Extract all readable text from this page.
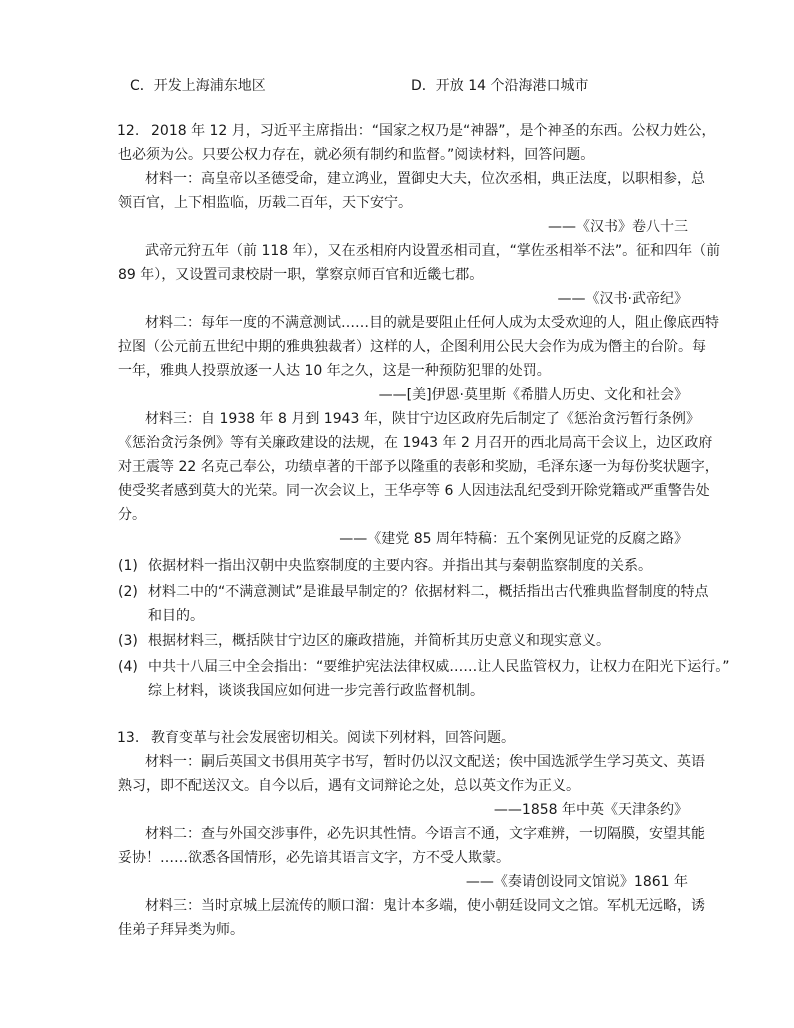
C．开发上海浦东地区	D．开放 14 个沿海港口城市
12. 2018 年 12 月，习近平主席指出：“国家之权乃是“神器”，是个神圣的东西。公权力姓公，
也必须为公。只要公权力存在，就必须有制约和监督。”阅读材料，回答问题。
材料一：高皇帝以圣德受命，建立鸿业，置御史大夫，位次丞相，典正法度，以职相参，总
领百官，上下相监临，历载二百年，天下安宁。
——《汉书》卷八十三
武帝元狩五年（前 118 年），又在丞相府内设置丞相司直，“掌佐丞相举不法”。征和四年（前
89 年），又设置司隶校尉一职，掌察京师百官和近畿七郡。
——《汉书·武帝纪》
材料二：每年一度的不满意测试……目的就是要阻止任何人成为太受欢迎的人，阻止像底西特
拉图（公元前五世纪中期的雅典独裁者）这样的人，企图利用公民大会作为成为僭主的台阶。每
一年，雅典人投票放逐一人达 10 年之久，这是一种预防犯罪的处罚。
——[美]伊恩·莫里斯《希腊人历史、文化和社会》
材料三：自 1938 年 8 月到 1943 年，陕甘宁边区政府先后制定了《惩治贪污暂行条例》
《惩治贪污条例》等有关廉政建设的法规，在 1943 年 2 月召开的西北局高干会议上，边区政府
对王震等 22 名克己奉公，功绩卓著的干部予以隆重的表彰和奖励，毛泽东逐一为每份奖状题字，
使受奖者感到莫大的光荣。同一次会议上，王华亭等 6 人因违法乱纪受到开除党籍或严重警告处
分。
——《建党 85 周年特稿：五个案例见证党的反腐之路》
(1) 依据材料一指出汉朝中央监察制度的主要内容。并指出其与秦朝监察制度的关系。
(2) 材料二中的“不满意测试”是谁最早制定的？依据材料二，概括指出古代雅典监督制度的特点
和目的。
(3) 根据材料三，概括陕甘宁边区的廉政措施，并简析其历史意义和现实意义。
(4) 中共十八届三中全会指出：“要维护宪法法律权威……让人民监管权力，让权力在阳光下运行。”
综上材料，谈谈我国应如何进一步完善行政监督机制。
13. 教育变革与社会发展密切相关。阅读下列材料，回答问题。
材料一：嗣后英国文书俱用英字书写，暂时仍以汉文配送；俟中国选派学生学习英文、英语
熟习，即不配送汉文。自今以后，遇有文词辩论之处，总以英文作为正义。
——1858 年中英《天津条约》
材料二：查与外国交涉事件，必先识其性情。今语言不通，文字难辨，一切隔膜，安望其能
妥协！……欲悉各国情形，必先谙其语言文字，方不受人欺蒙。
——《奏请创设同文馆说》1861 年
材料三：当时京城上层流传的顺口溜：鬼计本多端，使小朝廷设同文之馆。军机无远略，诱
佳弟子拜异类为师。
